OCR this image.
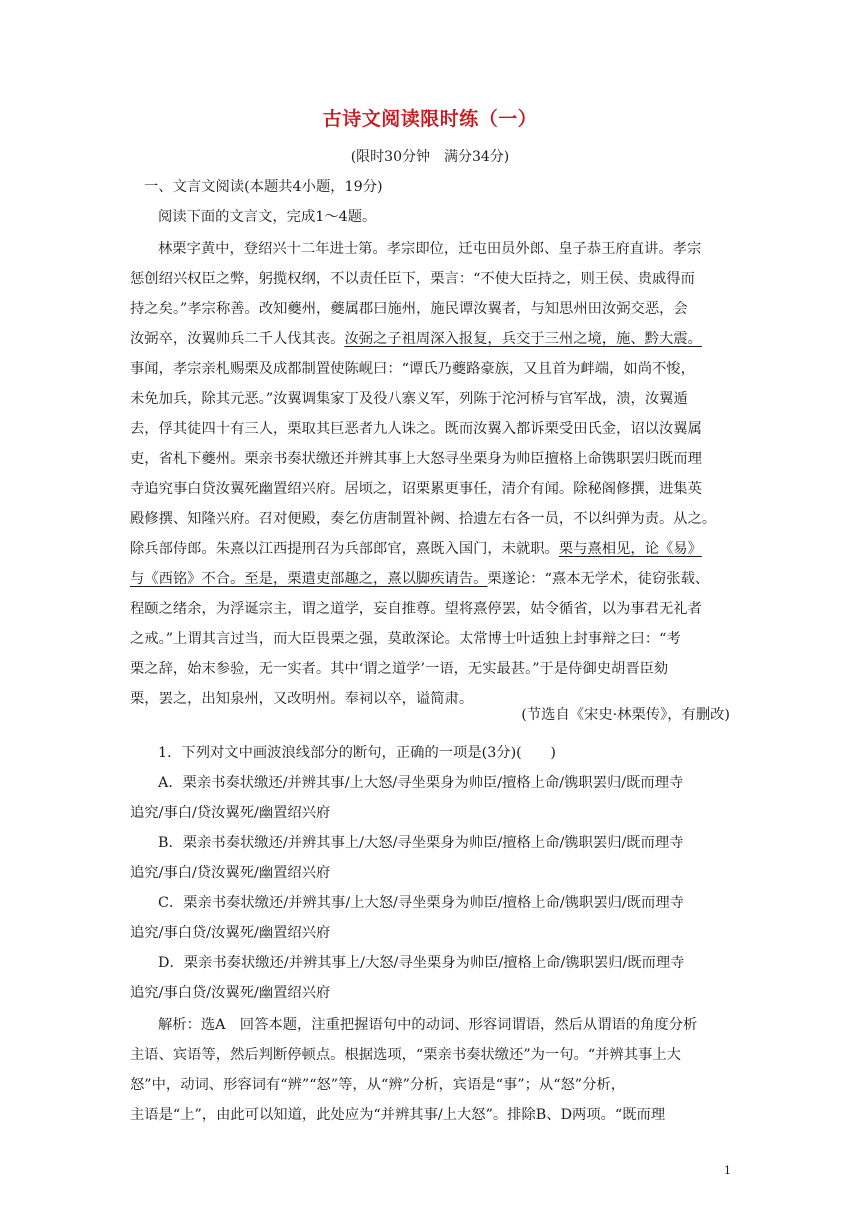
古诗文阅读限时练（一）
(限时30分钟　满分34分)
一、文言文阅读(本题共4小题，19分)
阅读下面的文言文，完成1～4题。
林栗字黄中，登绍兴十二年进士第。孝宗即位，迁屯田员外郎、皇子恭王府直讲。孝宗
惩创绍兴权臣之弊，躬揽权纲，不以责任臣下，栗言：“不使大臣持之，则王侯、贵戚得而
持之矣。”孝宗称善。改知夔州，夔属郡曰施州，施民谭汝翼者，与知思州田汝弼交恶，会
汝弼卒，汝翼帅兵二千人伐其丧。汝弼之子祖周深入报复，兵交于三州之境，施、黔大震。
事闻，孝宗亲札赐栗及成都制置使陈岘曰：“谭氏乃夔路豪族，又且首为衅端，如尚不悛，
未免加兵，除其元恶。”汝翼调集家丁及役八寨义军，列陈于沱河桥与官军战，溃，汝翼遁
去，俘其徒四十有三人，栗取其巨恶者九人诛之。既而汝翼入都诉栗受田氏金，诏以汝翼属
吏，省札下夔州。栗亲书奏状缴还并辨其事上大怒寻坐栗身为帅臣擅格上命镌职罢归既而理
寺追究事白贷汝翼死幽置绍兴府。居顷之，诏栗累更事任，清介有闻。除秘阁修撰，进集英
殿修撰、知隆兴府。召对便殿，奏乞仿唐制置补阙、拾遗左右各一员，不以纠弹为责。从之。
除兵部侍郎。朱熹以江西提刑召为兵部郎官，熹既入国门，未就职。栗与熹相见，论《易》
与《西铭》不合。至是，栗遣吏部趣之，熹以脚疾请告。栗遂论：“熹本无学术，徒窃张载、
程颐之绪余，为浮诞宗主，谓之道学，妄自推尊。望将熹停罢，姑令循省，以为事君无礼者
之戒。”上谓其言过当，而大臣畏栗之强，莫敢深论。太常博士叶适独上封事辩之曰：“考
栗之辞，始末参验，无一实者。其中‘谓之道学’一语，无实最甚。”于是侍御史胡晋臣劾
栗，罢之，出知泉州，又改明州。奉祠以卒，谥简肃。
(节选自《宋史·林栗传》，有删改)
1．下列对文中画波浪线部分的断句，正确的一项是(3分)(　　)
A．栗亲书奏状缴还/并辨其事/上大怒/寻坐栗身为帅臣/擅格上命/镌职罢归/既而理寺
追究/事白/贷汝翼死/幽置绍兴府
B．栗亲书奏状缴还/并辨其事上/大怒/寻坐栗身为帅臣/擅格上命/镌职罢归/既而理寺
追究/事白/贷汝翼死/幽置绍兴府
C．栗亲书奏状缴还/并辨其事/上大怒/寻坐栗身为帅臣/擅格上命/镌职罢归/既而理寺
追究/事白贷/汝翼死/幽置绍兴府
D．栗亲书奏状缴还/并辨其事上/大怒/寻坐栗身为帅臣/擅格上命/镌职罢归/既而理寺
追究/事白贷/汝翼死/幽置绍兴府
解析：选A　回答本题，注重把握语句中的动词、形容词谓语，然后从谓语的角度分析
主语、宾语等，然后判断停顿点。根据选项，“栗亲书奏状缴还”为一句。“并辨其事上大
怒”中，动词、形容词有“辨”“怒”等，从“辨”分析，宾语是“事”；从“怒”分析，
主语是“上”，由此可以知道，此处应为“并辨其事/上大怒”。排除B、D两项。“既而理
1
